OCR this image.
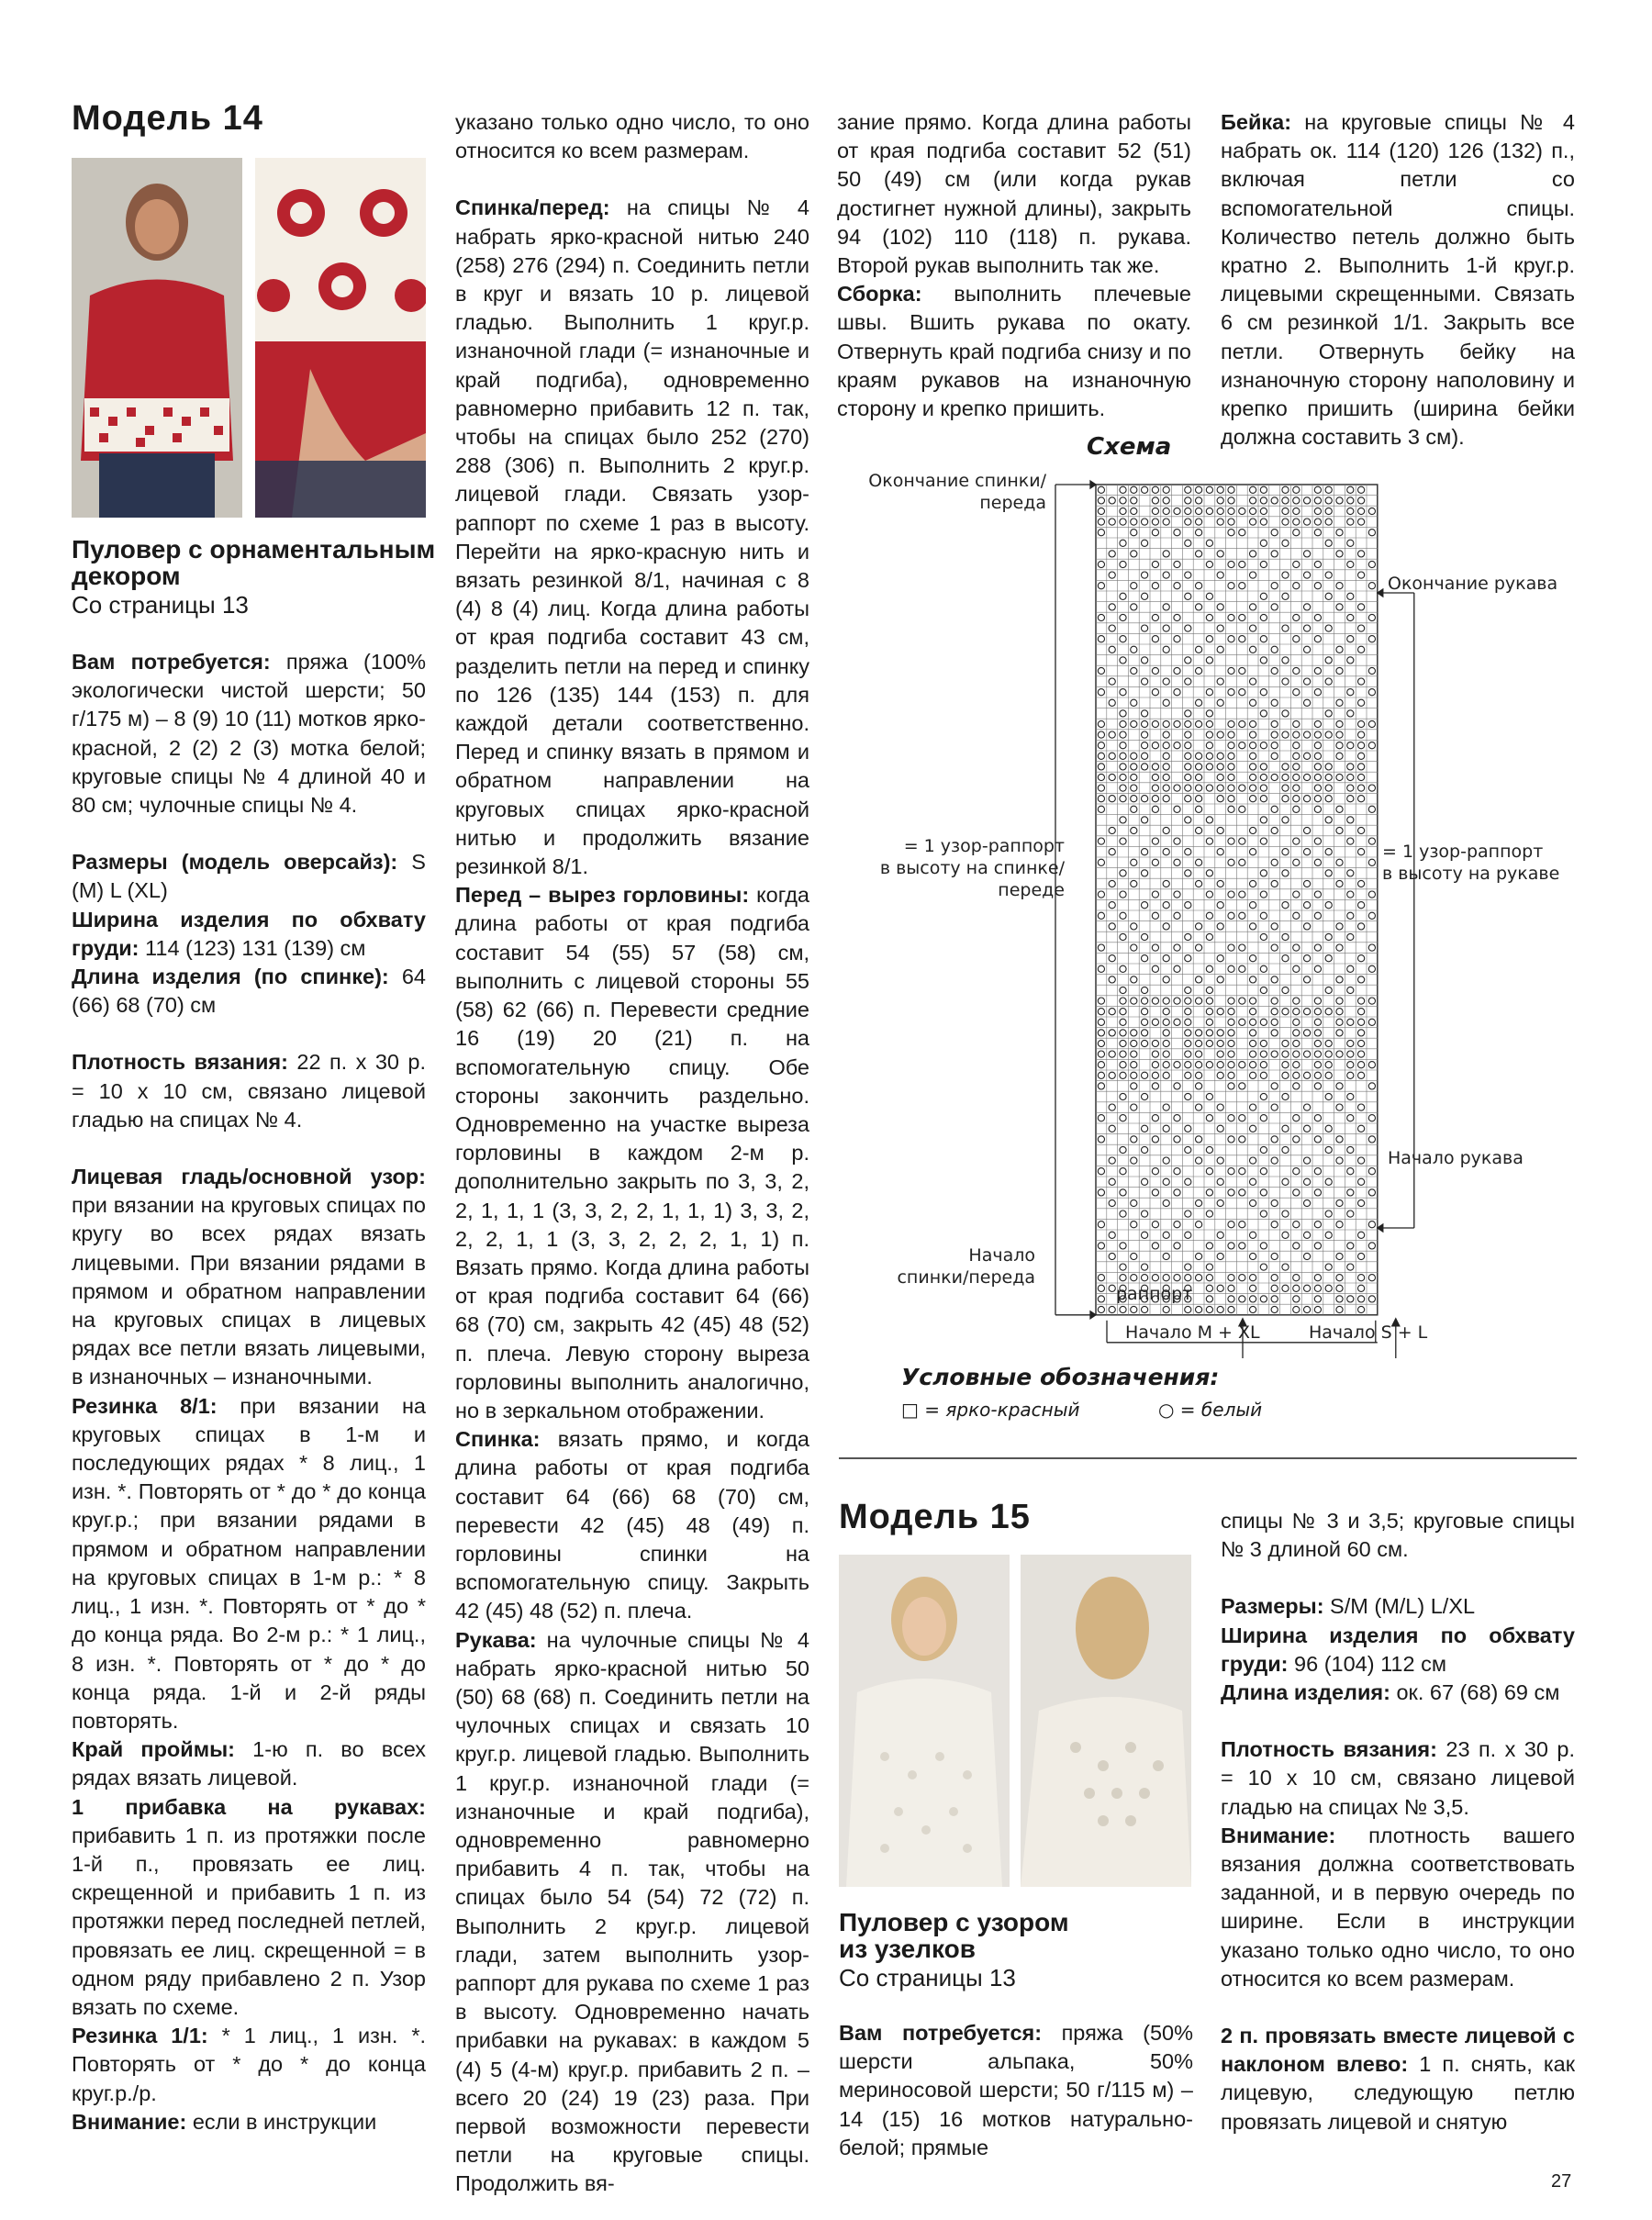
Модель 14
Пуловер с орнаментальным
декором
Со страницы 13

Вам потребуется: пряжа (100% экологически чистой шерсти; 50 г/175 м) – 8 (9) 10 (11) мотков ярко-красной, 2 (2) 2 (3) мотка белой; круговые спицы № 4 длиной 40 и 80 см; чулочные спицы № 4.

Размеры (модель оверсайз): S (M) L (XL)

Ширина изделия по обхвату груди: 114 (123) 131 (139) см

Длина изделия (по спинке): 64 (66) 68 (70) см

Плотность вязания: 22 п. х 30 р. = 10 х 10 см, связано лицевой гладью на спицах № 4.

Лицевая гладь/основной узор: при вязании на круговых спицах по кругу во всех рядах вязать лицевыми. При вязании рядами в прямом и обратном направлении на круговых спицах в лицевых рядах все петли вязать лицевыми, в изнаночных – изнаночными.

Резинка 8/1: при вязании на круговых спицах в 1-м и последующих рядах * 8 лиц., 1 изн. *. Повторять от * до * до конца круг.р.; при вязании рядами в прямом и обратном направлении на круговых спицах в 1-м р.: * 8 лиц., 1 изн. *. Повторять от * до * до конца ряда. Во 2-м р.: * 1 лиц., 8 изн. *. Повторять от * до * до конца ряда. 1-й и 2-й ряды повторять.

Край проймы: 1-ю п. во всех рядах вязать лицевой.

1 прибавка на рукавах: прибавить 1 п. из протяжки после 1-й п., провязать ее лиц. скрещенной и прибавить 1 п. из протяжки перед последней петлей, провязать ее лиц. скрещенной = в одном ряду прибавлено 2 п. Узор вязать по схеме.

Резинка 1/1: * 1 лиц., 1 изн. *. Повторять от * до * до конца круг.р./р.

Внимание: если в инструкции

указано только одно число, то оно относится ко всем размерам.

Спинка/перед: на спицы № 4 набрать ярко-красной нитью 240 (258) 276 (294) п. Соединить петли в круг и вязать 10 р. лицевой гладью. Выполнить 1 круг.р. изнаночной глади (= изнаночные и край подгиба), одновременно равномерно прибавить 12 п. так, чтобы на спицах было 252 (270) 288 (306) п. Выполнить 2 круг.р. лицевой глади. Связать узор-раппорт по схеме 1 раз в высоту. Перейти на ярко-красную нить и вязать резинкой 8/1, начиная с 8 (4) 8 (4) лиц. Когда длина работы от края подгиба составит 43 см, разделить петли на перед и спинку по 126 (135) 144 (153) п. для каждой детали соответственно. Перед и спинку вязать в прямом и обратном направлении на круговых спицах ярко-красной нитью и продолжить вязание резинкой 8/1.

Перед – вырез горловины: когда длина работы от края подгиба составит 54 (55) 57 (58) см, выполнить с лицевой стороны 55 (58) 62 (66) п. Перевести средние 16 (19) 20 (21) п. на вспомогательную спицу. Обе стороны закончить раздельно. Одновременно на участке выреза горловины в каждом 2-м р. дополнительно закрыть по 3, 3, 2, 2, 1, 1, 1 (3, 3, 2, 2, 1, 1, 1) 3, 3, 2, 2, 2, 1, 1 (3, 3, 2, 2, 2, 1, 1) п. Вязать прямо. Когда длина работы от края подгиба составит 64 (66) 68 (70) см, закрыть 42 (45) 48 (52) п. плеча. Левую сторону выреза горловины выполнить аналогично, но в зеркальном отображении.

Спинка: вязать прямо, и когда длина работы от края подгиба составит 64 (66) 68 (70) см, перевести 42 (45) 48 (49) п. горловины спинки на вспомогательную спицу. Закрыть 42 (45) 48 (52) п. плеча.

Рукава: на чулочные спицы № 4 набрать ярко-красной нитью 50 (50) 68 (68) п. Соединить петли на чулочных спицах и связать 10 круг.р. лицевой гладью. Выполнить 1 круг.р. изнаночной глади (= изнаночные и край подгиба), одновременно равномерно прибавить 4 п. так, чтобы на спицах было 54 (54) 72 (72) п. Выполнить 2 круг.р. лицевой глади, затем выполнить узор-раппорт для рукава по схеме 1 раз в высоту. Одновременно начать прибавки на рукавах: в каждом 5 (4) 5 (4-м) круг.р. прибавить 2 п. – всего 20 (24) 19 (23) раза. При первой возможности перевести петли на круговые спицы. Продолжить вя-

зание прямо. Когда длина работы от края подгиба составит 52 (51) 50 (49) см (или когда рукав достигнет нужной длины), закрыть 94 (102) 110 (118) п. рукава. Второй рукав выполнить так же.

Сборка: выполнить плечевые швы. Вшить рукава по окату. Отвернуть край подгиба снизу и по краям рукавов на изнаночную сторону и крепко пришить.

Бейка: на круговые спицы № 4 набрать ок. 114 (120) 126 (132) п., включая петли со вспомогательной спицы. Количество петель должно быть кратно 2. Выполнить 1-й круг.р. лицевыми скрещенными. Связать 6 см резинкой 1/1. Закрыть все петли. Отвернуть бейку на изнаночную сторону наполовину и крепко пришить (ширина бейки должна составить 3 см).

Схема
Окончание спинки/
переда
Окончание рукава
= 1 узор-раппорт
в высоту на спинке/
переде
= 1 узор-раппорт
в высоту на рукаве
Начало рукава
Начало
спинки/переда
раппорт
Начало M + XL	Начало S + L
Условные обозначения:
□ = ярко-красный	○ = белый
Модель 15
Пуловер с узором
из узелков
Со страницы 13

Вам потребуется: пряжа (50% шерсти альпака, 50% мериносовой шерсти; 50 г/115 м) – 14 (15) 16 мотков натурально-белой; прямые

спицы № 3 и 3,5; круговые спицы № 3 длиной 60 см.

Размеры: S/M (M/L) L/XL

Ширина изделия по обхвату груди: 96 (104) 112 см

Длина изделия: ок. 67 (68) 69 см

Плотность вязания: 23 п. х 30 р. = 10 х 10 см, связано лицевой гладью на спицах № 3,5.

Внимание: плотность вашего вязания должна соответствовать заданной, и в первую очередь по ширине. Если в инструкции указано только одно число, то оно относится ко всем размерам.

2 п. провязать вместе лицевой с наклоном влево: 1 п. снять, как лицевую, следующую петлю провязать лицевой и снятую

27
